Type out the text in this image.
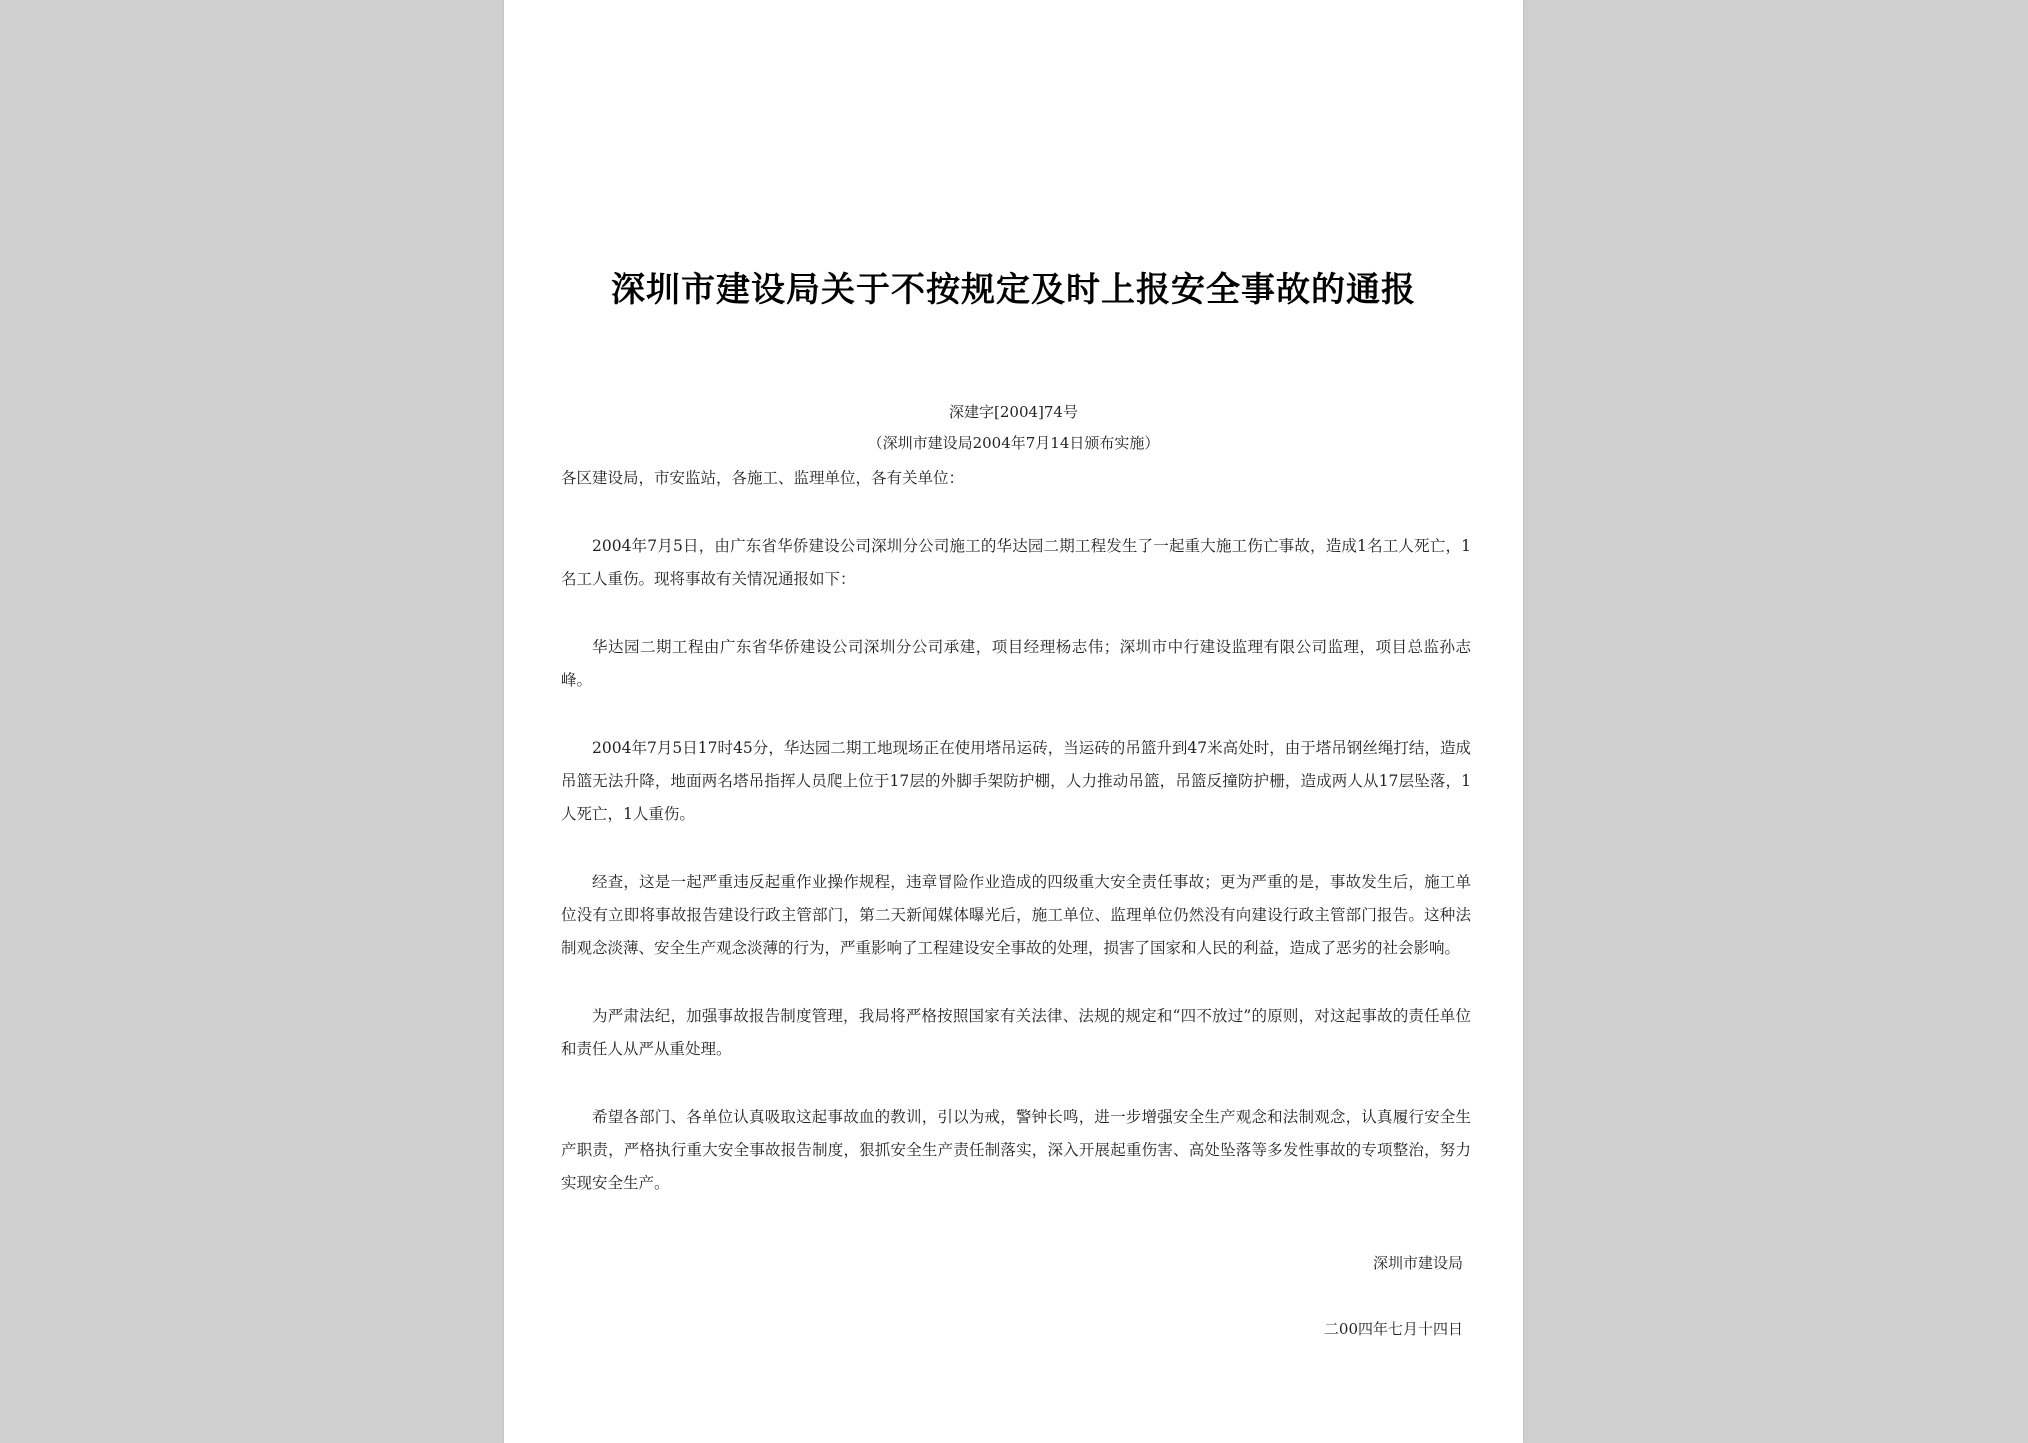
深圳市建设局关于不按规定及时上报安全事故的通报
深建字[2004]74号
（深圳市建设局2004年7月14日颁布实施）

各区建设局，市安监站，各施工、监理单位，各有关单位：

2004年7月5日，由广东省华侨建设公司深圳分公司施工的华达园二期工程发生了一起重大施工伤亡事故，造成1名工人死亡，1名工人重伤。现将事故有关情况通报如下：

华达园二期工程由广东省华侨建设公司深圳分公司承建，项目经理杨志伟；深圳市中行建设监理有限公司监理，项目总监孙志峰。

2004年7月5日17时45分，华达园二期工地现场正在使用塔吊运砖，当运砖的吊篮升到47米高处时，由于塔吊钢丝绳打结，造成吊篮无法升降，地面两名塔吊指挥人员爬上位于17层的外脚手架防护棚，人力推动吊篮，吊篮反撞防护栅，造成两人从17层坠落，1人死亡，1人重伤。

经查，这是一起严重违反起重作业操作规程，违章冒险作业造成的四级重大安全责任事故；更为严重的是，事故发生后，施工单位没有立即将事故报告建设行政主管部门，第二天新闻媒体曝光后，施工单位、监理单位仍然没有向建设行政主管部门报告。这种法制观念淡薄、安全生产观念淡薄的行为，严重影响了工程建设安全事故的处理，损害了国家和人民的利益，造成了恶劣的社会影响。

为严肃法纪，加强事故报告制度管理，我局将严格按照国家有关法律、法规的规定和“四不放过”的原则，对这起事故的责任单位和责任人从严从重处理。

希望各部门、各单位认真吸取这起事故血的教训，引以为戒，警钟长鸣，进一步增强安全生产观念和法制观念，认真履行安全生产职责，严格执行重大安全事故报告制度，狠抓安全生产责任制落实，深入开展起重伤害、高处坠落等多发性事故的专项整治，努力实现安全生产。

深圳市建设局
二00四年七月十四日
